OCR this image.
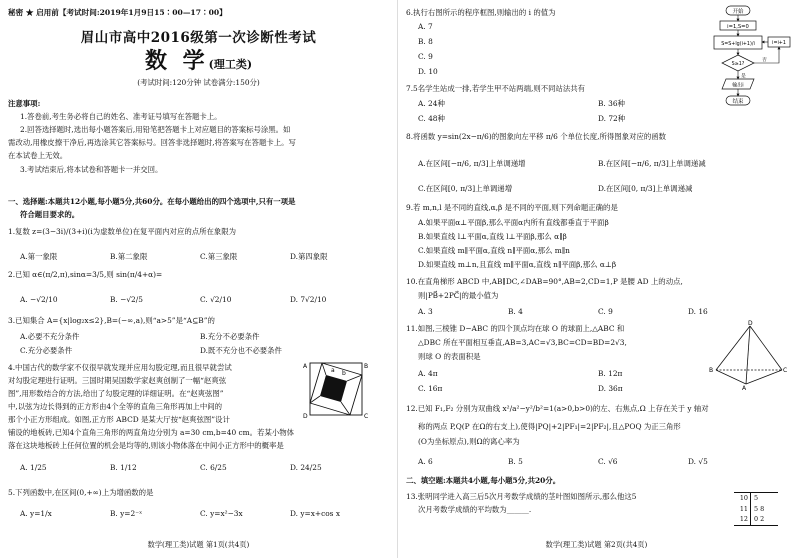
秘密 ★ 启用前【考试时间:2019年1月9日15∶00—17∶00】
眉山市高中2016级第一次诊断性考试
数 学(理工类)
(考试时间:120分钟 试卷满分:150分)
注意事项:
1.答卷前,考生务必将自己的姓名、准考证号填写在答题卡上。
2.回答选择题时,选出每小题答案后,用铅笔把答题卡上对应题目的答案标号涂黑。如
需改动,用橡皮擦干净后,再选涂其它答案标号。回答非选择题时,将答案写在答题卡上。写
在本试卷上无效。
3.考试结束后,将本试卷和答题卡一并交回。
一、选择题:本题共12小题,每小题5分,共60分。在每小题给出的四个选项中,只有一项是
符合题目要求的。
1.复数 z=(3−3i)/(3+i)(i为虚数单位)在复平面内对应的点所在象限为
A.第一象限	B.第二象限	C.第三象限	D.第四象限
2.已知 α∈(π/2,π),sinα=3/5,则 sin(π/4+α)=
A. −√2/10	B. −√2/5	C. √2/10	D. 7√2/10
3.已知集合 A={x|log₂x≤2},B=(−∞,a),则“a>5”是“A⊆B”的
A.必要不充分条件	B.充分不必要条件
C.充分必要条件	D.既不充分也不必要条件
4.中国古代的数学家不仅很早就发现并应用勾股定理,而且很早就尝试
对勾股定理进行证明。三国时期吴国数学家赵爽创制了一幅“赵爽弦
图”,用形数结合的方法,给出了勾股定理的详细证明。在“赵爽弦图”
中,以弦为边长得到的正方形由4个全等的直角三角形再加上中间的
那个小正方形组成。如图,正方形 ABCD 是某大厅按“赵爽弦图”设计
铺设的地板砖,已知4个直角三角形的两直角边分别为 a=30 cm,b=40 cm。若某小物体
落在这块地板砖上任何位置的机会是均等的,则该小物体落在中间小正方形中的概率是
a b
A	B
C
D
A. 1/25	B. 1/12	C. 6/25	D. 24/25
5.下列函数中,在区间(0,+∞)上为增函数的是
A. y=1/x	B. y=2⁻ˣ	C. y=x²−3x	D. y=x+cos x
数学(理工类)试题 第1页(共4页)
6.执行右图所示的程序框图,则输出的 i 的值为
A. 7
B. 8
C. 9
D. 10
开始
i=1,S=0
S=S+lg(i+1)/i	i=i+1
S≥1?
否
是
输出i
结束
7.5名学生站成一排,若学生甲不站两端,则不同站法共有
A. 24种	B. 36种
C. 48种	D. 72种
8.将函数 y=sin(2x−π/6)的图象向左平移 π/6 个单位长度,所得图象对应的函数
A.在区间[−π/6, π/3]上单调递增	B.在区间[−π/6, π/3]上单调递减
C.在区间[0, π/3]上单调递增	D.在区间[0, π/3]上单调递减
9.若 m,n,l 是不同的直线,α,β 是不同的平面,则下列命题正确的是
A.如果平面α⊥平面β,那么平面α内所有直线都垂直于平面β
B.如果直线 l⊥平面α,直线 l⊥平面β,那么 α∥β
C.如果直线 m∥平面α,直线 n∥平面α,那么 m∥n
D.如果直线 m⊥n,且直线 m∥平面α,直线 n∥平面β,那么 α⊥β
10.在直角梯形 ABCD 中,AB∥DC,∠DAB=90°,AB=2,CD=1,P 是腰 AD 上的动点,
则|PB⃗+2PC⃗|的最小值为
A. 3	B. 4	C. 9	D. 16
11.如图,三棱锥 D−ABC 的四个顶点均在球 O 的球面上,△ABC 和
△DBC 所在平面相互垂直,AB=3,AC=√3,BC=CD=BD=2√3,
则球 O 的表面积是
A. 4π	B. 12π
C. 16π	D. 36π
D
A
B	C
12.已知 F₁,F₂ 分别为双曲线 x²/a²−y²/b²=1(a>0,b>0)的左、右焦点,Ω 上存在关于 y 轴对
称的两点 P,Q(P 在Ω的右支上),使得|PQ|+2|PF₁|=2|PF₂|,且△POQ 为正三角形
(O为坐标原点),则Ω的离心率为
A. 6	B. 5	C. √6	D. √5
二、填空题:本题共4小题,每小题5分,共20分。
13.张明同学进入高三后5次月考数学成绩的茎叶图如图所示,那么他这5
次月考数学成绩的平均数为______.
10 5
11 5 8
12 0 2
数学(理工类)试题 第2页(共4页)
